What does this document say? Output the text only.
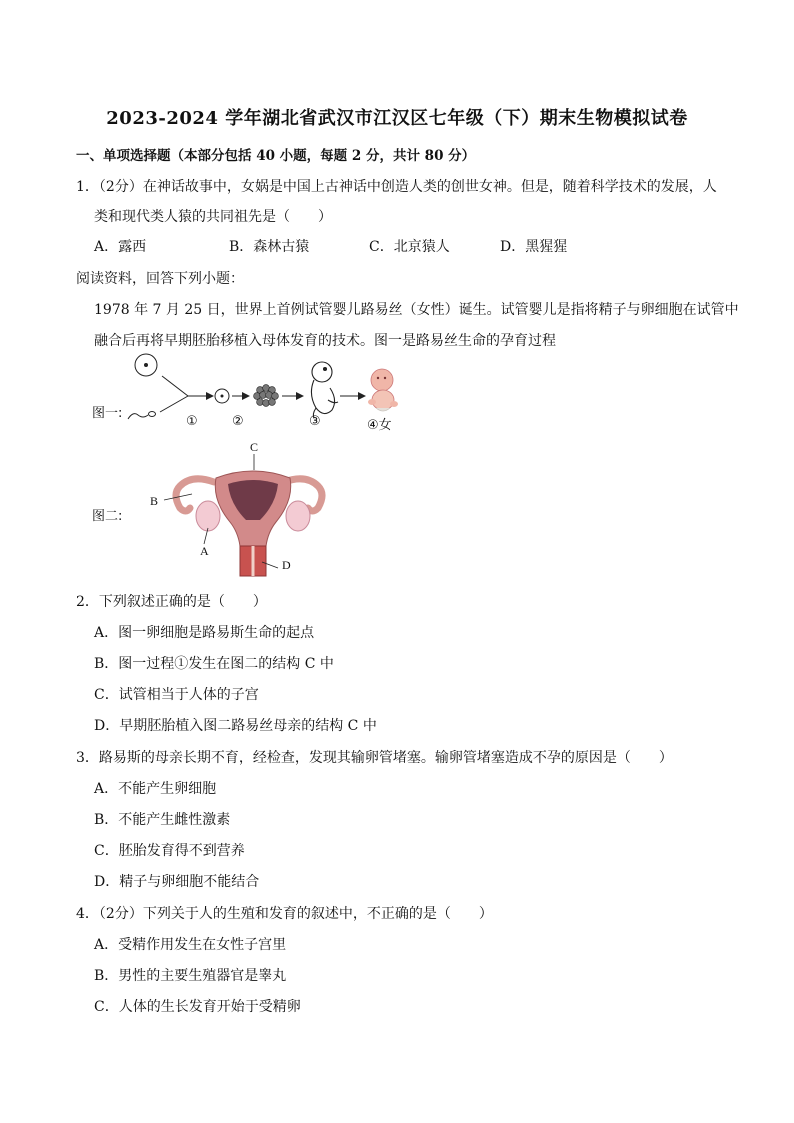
2023-2024 学年湖北省武汉市江汉区七年级（下）期末生物模拟试卷
一、单项选择题（本部分包括 40 小题，每题 2 分，共计 80 分）
1．（2分）在神话故事中，女娲是中国上古神话中创造人类的创世女神。但是，随着科学技术的发展，人
类和现代类人猿的共同祖先是（　　）
A．露西	B．森林古猿	C．北京猿人	D．黑猩猩
阅读资料，回答下列小题：
1978 年 7 月 25 日，世界上首例试管婴儿路易丝（女性）诞生。试管婴儿是指将精子与卵细胞在试管中
融合后再将早期胚胎移植入母体发育的技术。图一是路易丝生命的孕育过程
图一:
①	②	③	④女
图二:
C
B
A
D
2．下列叙述正确的是（　　）
A．图一卵细胞是路易斯生命的起点
B．图一过程①发生在图二的结构 C 中
C．试管相当于人体的子宫
D．早期胚胎植入图二路易丝母亲的结构 C 中
3．路易斯的母亲长期不育，经检查，发现其输卵管堵塞。输卵管堵塞造成不孕的原因是（　　）
A．不能产生卵细胞
B．不能产生雌性激素
C．胚胎发育得不到营养
D．精子与卵细胞不能结合
4．（2分）下列关于人的生殖和发育的叙述中，不正确的是（　　）
A．受精作用发生在女性子宫里
B．男性的主要生殖器官是睾丸
C．人体的生长发育开始于受精卵
